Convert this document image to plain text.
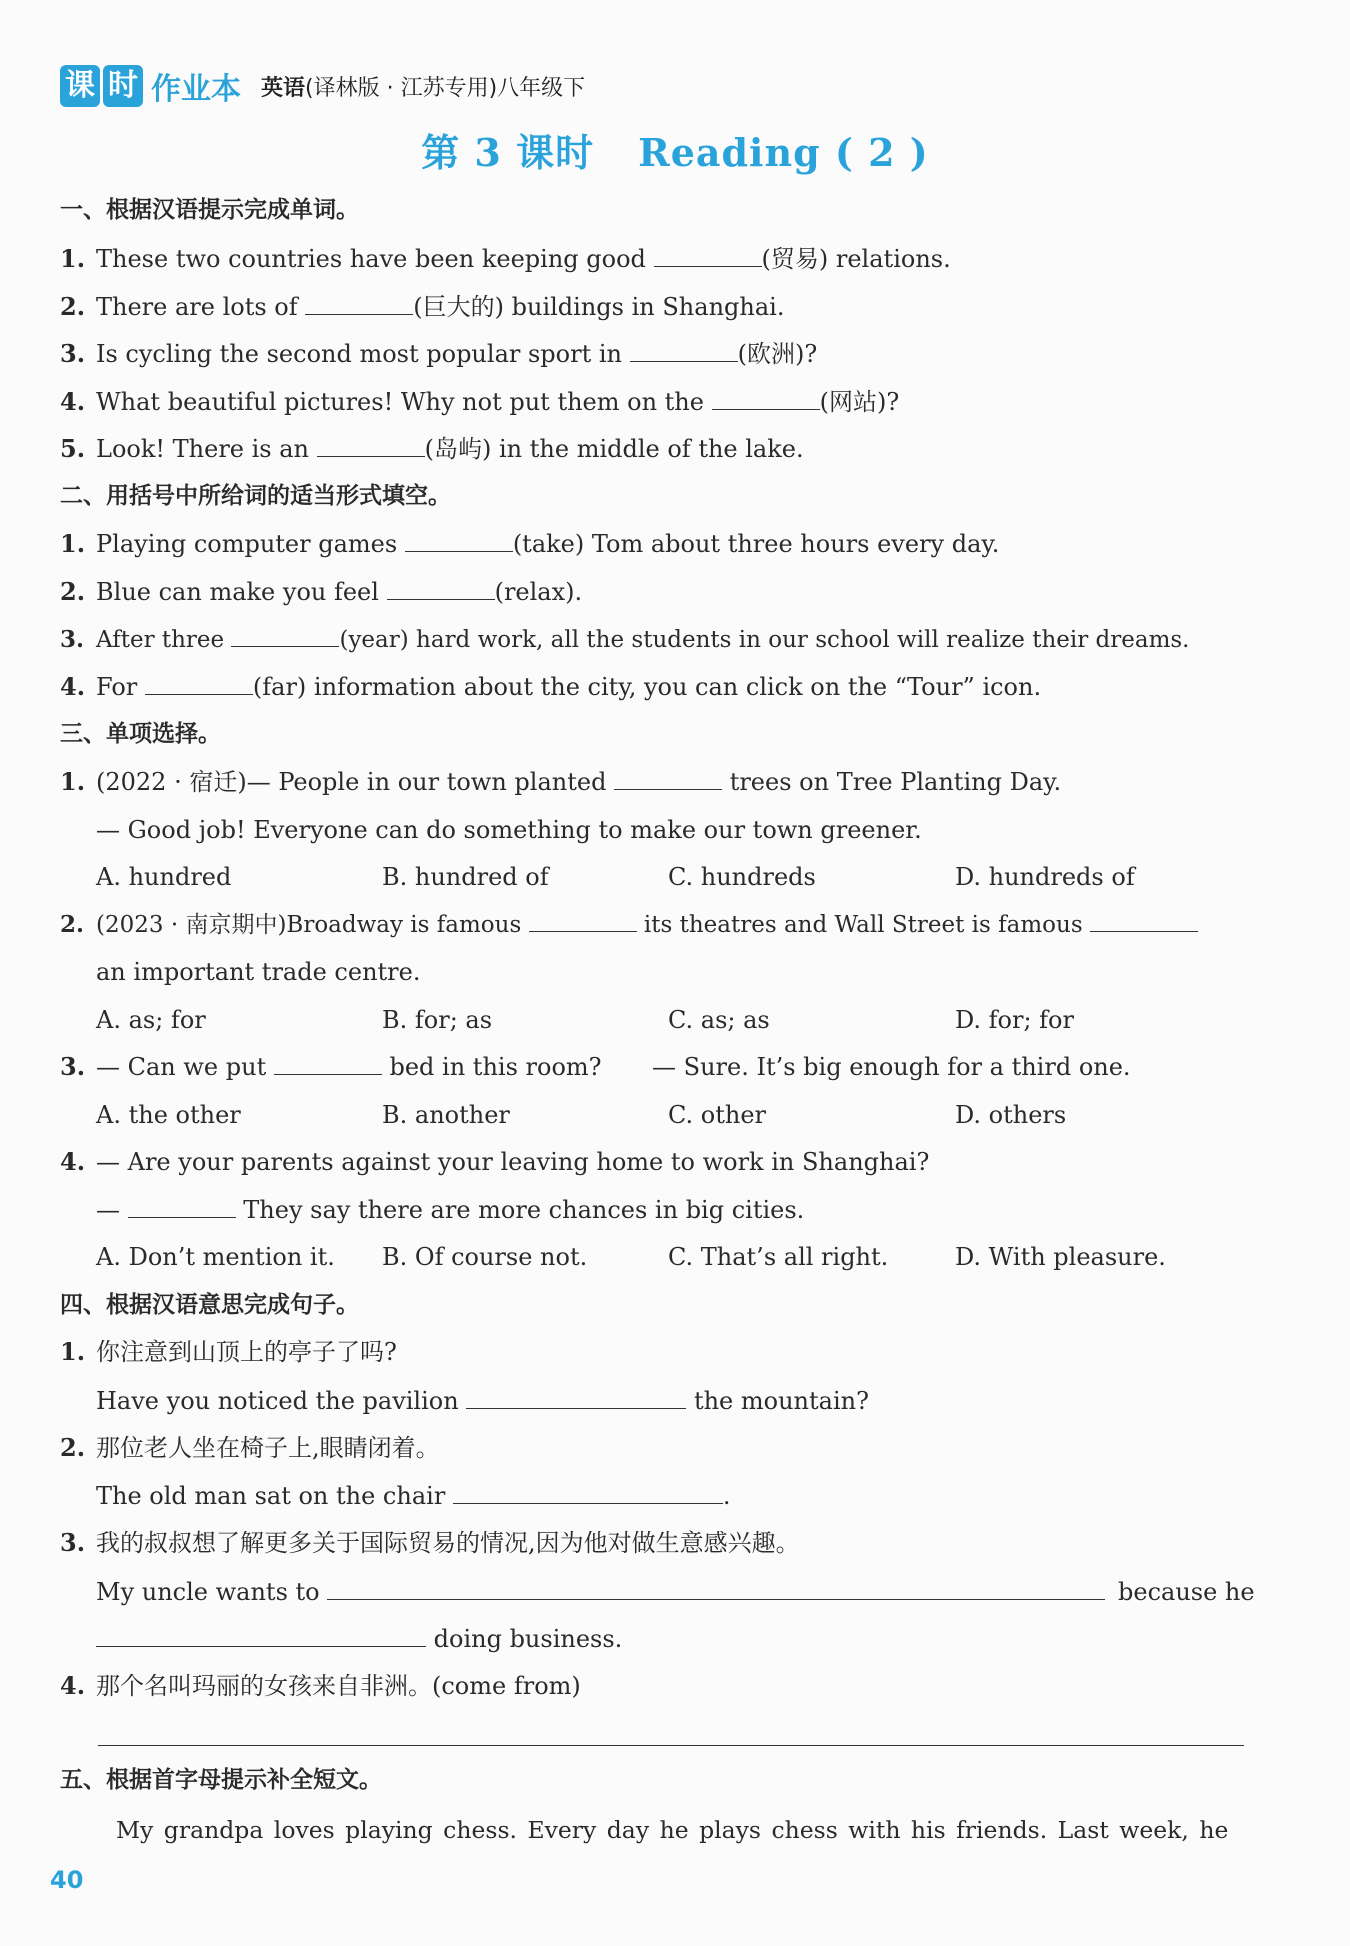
课 时 作业本 英语(译林版 · 江苏专用)八年级下
第 3 课时 Reading ( 2 )
一、根据汉语提示完成单词。
1. These two countries have been keeping good	(贸易) relations.
2. There are lots of	(巨大的) buildings in Shanghai.
3. Is cycling the second most popular sport in	(欧洲)?
4. What beautiful pictures! Why not put them on the	(网站)?
5. Look! There is an	(岛屿) in the middle of the lake.
二、用括号中所给词的适当形式填空。
1. Playing computer games	(take) Tom about three hours every day.
2. Blue can make you feel	(relax).
3. After three	(year) hard work, all the students in our school will realize their dreams.
4. For	(far) information about the city, you can click on the “Tour” icon.
三、单项选择。
1. (2022 · 宿迁)— People in our town planted	trees on Tree Planting Day.
— Good job! Everyone can do something to make our town greener.
A. hundred	B. hundred of	C. hundreds	D. hundreds of
2. (2023 · 南京期中)Broadway is famous	its theatres and Wall Street is famous
an important trade centre.
A. as; for	B. for; as	C. as; as	D. for; for
3. — Can we put	bed in this room? — Sure. It’s big enough for a third one.
A. the other	B. another	C. other	D. others
4. — Are your parents against your leaving home to work in Shanghai?
—	They say there are more chances in big cities.
A. Don’t mention it. B. Of course not.	C. That’s all right.	D. With pleasure.
四、根据汉语意思完成句子。
1. 你注意到山顶上的亭子了吗?
Have you noticed the pavilion	the mountain?
2. 那位老人坐在椅子上,眼睛闭着。
The old man sat on the chair	.
3. 我的叔叔想了解更多关于国际贸易的情况,因为他对做生意感兴趣。
My uncle wants to	because he
doing business.
4. 那个名叫玛丽的女孩来自非洲。(come from)
五、根据首字母提示补全短文。
My grandpa loves playing chess. Every day he plays chess with his friends. Last week, he
40
